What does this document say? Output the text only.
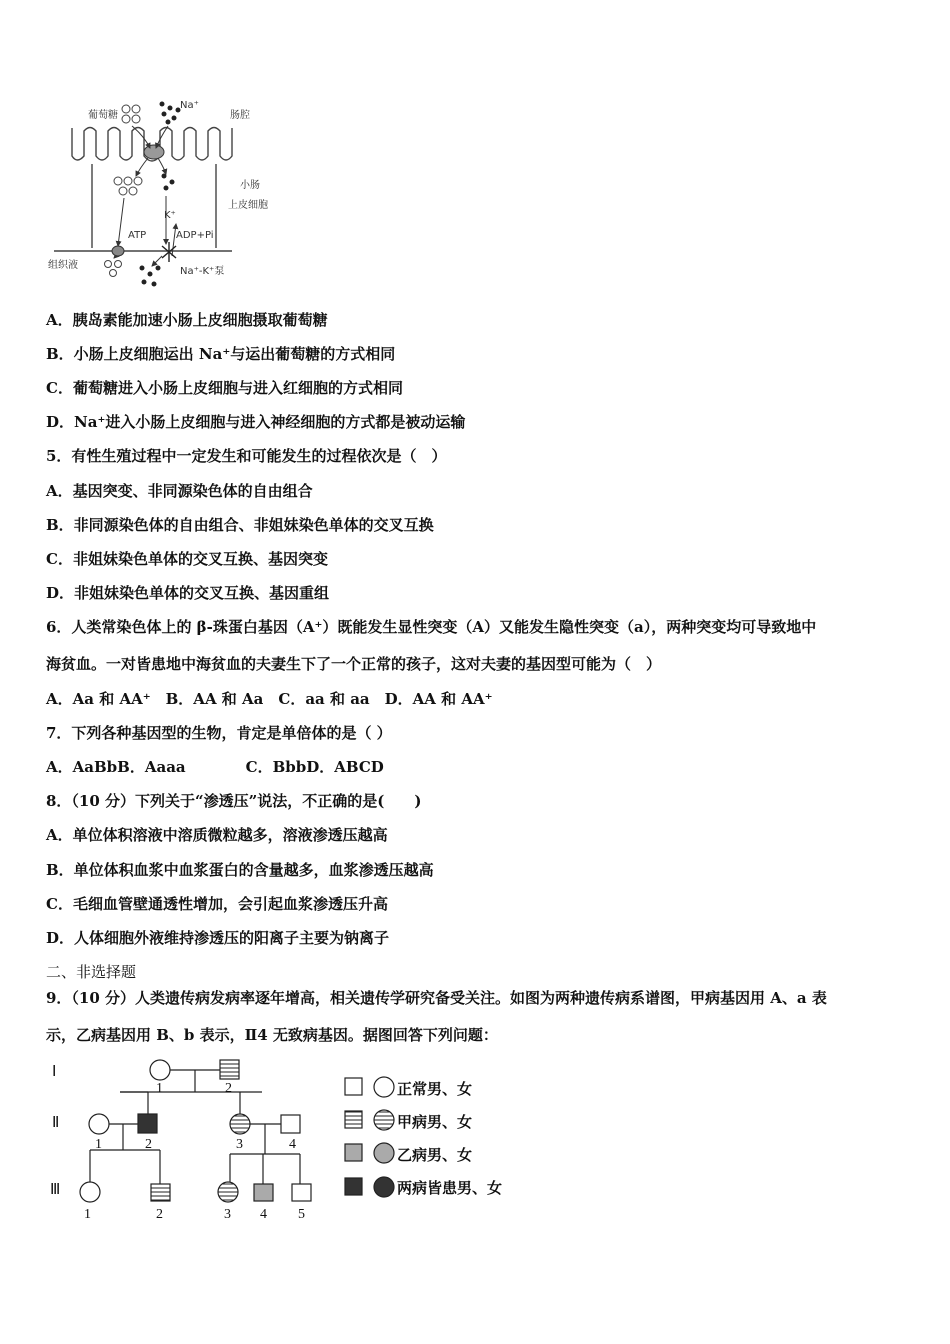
葡萄糖
Na⁺
肠腔
小肠
上皮细胞
K⁺
ATP	ADP+Pi
组织液
Na⁺-K⁺泵
A．胰岛素能加速小肠上皮细胞摄取葡萄糖
B．小肠上皮细胞运出 Na⁺与运出葡萄糖的方式相同
C．葡萄糖进入小肠上皮细胞与进入红细胞的方式相同
D．Na⁺进入小肠上皮细胞与进入神经细胞的方式都是被动运输
5．有性生殖过程中一定发生和可能发生的过程依次是（　）
A．基因突变、非同源染色体的自由组合
B．非同源染色体的自由组合、非姐妹染色单体的交叉互换
C．非姐妹染色单体的交叉互换、基因突变
D．非姐妹染色单体的交叉互换、基因重组
6．人类常染色体上的 β-珠蛋白基因（A⁺）既能发生显性突变（A）又能发生隐性突变（a），两种突变均可导致地中
海贫血。一对皆患地中海贫血的夫妻生下了一个正常的孩子，这对夫妻的基因型可能为（　）
A．Aa 和 AA⁺　B．AA 和 Aa　C．aa 和 aa　D．AA 和 AA⁺
7．下列各种基因型的生物，肯定是单倍体的是（ ）
A．AaBbB．Aaaa　　　　C．BbbD．ABCD
8．（10 分）下列关于“渗透压”说法，不正确的是(　　)
A．单位体积溶液中溶质微粒越多，溶液渗透压越高
B．单位体积血浆中血浆蛋白的含量越多，血浆渗透压越高
C．毛细血管壁通透性增加，会引起血浆渗透压升高
D．人体细胞外液维持渗透压的阳离子主要为钠离子
二、非选择题
9．（10 分）人类遗传病发病率逐年增高，相关遗传学研究备受关注。如图为两种遗传病系谱图，甲病基因用 A、a 表
示，乙病基因用 B、b 表示，Ⅱ4 无致病基因。据图回答下列问题：
Ⅰ
Ⅱ
Ⅲ
1	2
1	2	3	4
1	2	3 4 5
正常男、女
甲病男、女
乙病男、女
两病皆患男、女
